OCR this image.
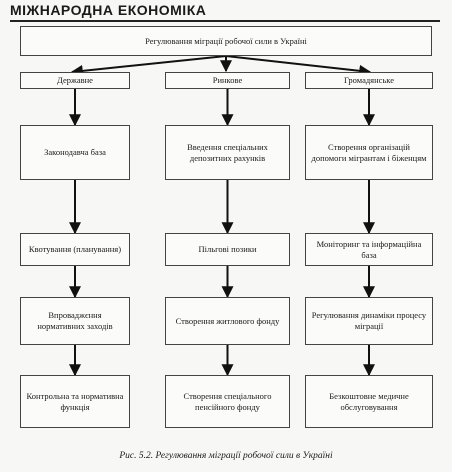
МІЖНАРОДНА ЕКОНОМІКА
Регулювання міграції робочої сили в Україні
Державне
Законодавча база
Квотування (планування)
Впроваджєння нормативних заходів
Контрольна та нормативна функція
Ринкове
Введення спеціальних депозитних рахунків
Пільгові позики
Створення житлового фонду
Створення спеціального пенсійного фонду
Громадянське
Створення організацій допомоги мігрантам і біженцям
Моніторинг та інформаційна база
Регулювання динаміки процесу міграції
Безкоштовне медичне обслуговування
Рис. 5.2. Регулювання міграції робочої сили в Україні
